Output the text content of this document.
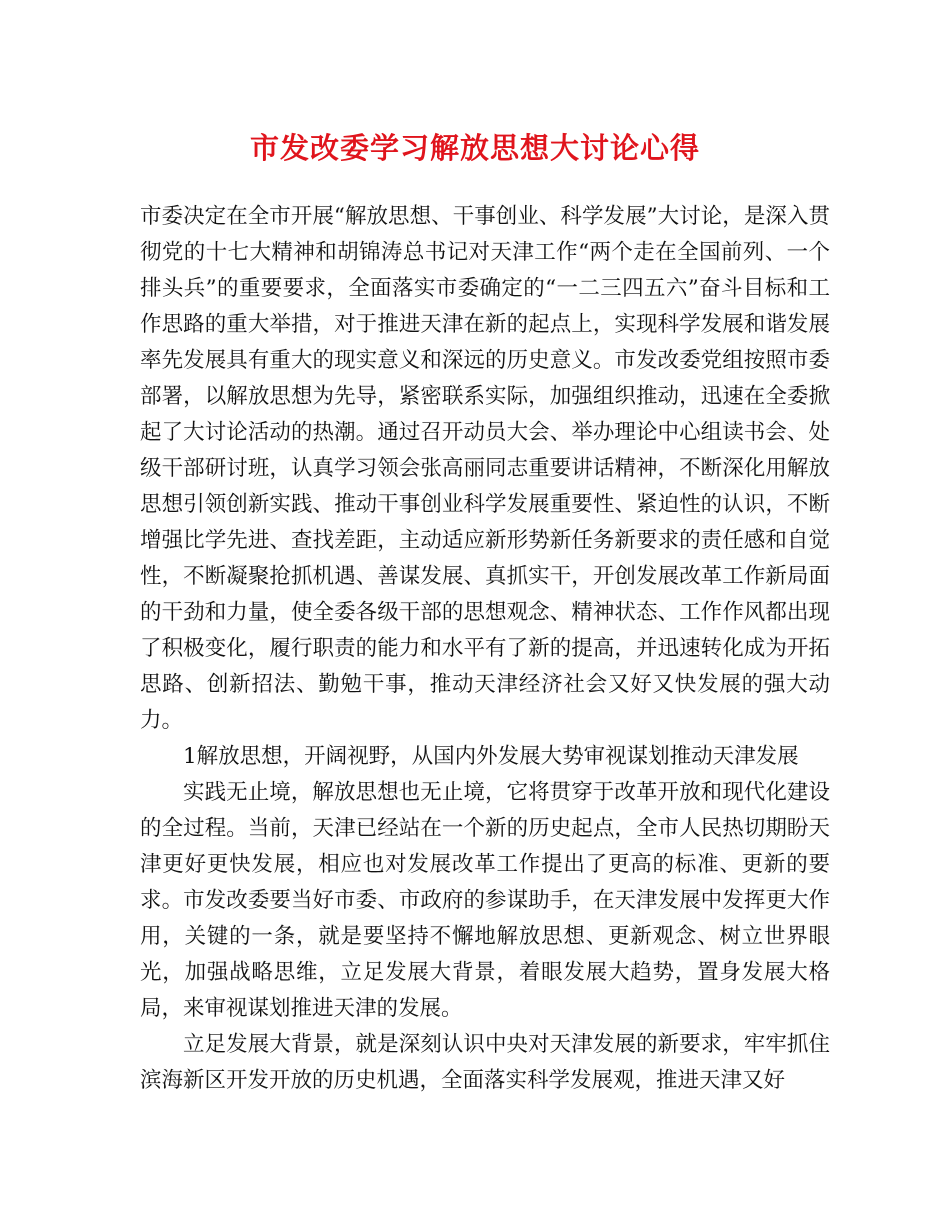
市发改委学习解放思想大讨论心得

市委决定在全市开展“解放思想、干事创业、科学发展”大讨论，是深入贯彻党的十七大精神和胡锦涛总书记对天津工作“两个走在全国前列、一个排头兵”的重要要求，全面落实市委确定的“一二三四五六”奋斗目标和工作思路的重大举措，对于推进天津在新的起点上，实现科学发展和谐发展率先发展具有重大的现实意义和深远的历史意义。市发改委党组按照市委部署，以解放思想为先导，紧密联系实际，加强组织推动，迅速在全委掀起了大讨论活动的热潮。通过召开动员大会、举办理论中心组读书会、处级干部研讨班，认真学习领会张高丽同志重要讲话精神，不断深化用解放思想引领创新实践、推动干事创业科学发展重要性、紧迫性的认识，不断增强比学先进、查找差距，主动适应新形势新任务新要求的责任感和自觉性，不断凝聚抢抓机遇、善谋发展、真抓实干，开创发展改革工作新局面的干劲和力量，使全委各级干部的思想观念、精神状态、工作作风都出现了积极变化，履行职责的能力和水平有了新的提高，并迅速转化成为开拓思路、创新招法、勤勉干事，推动天津经济社会又好又快发展的强大动力。

1解放思想，开阔视野，从国内外发展大势审视谋划推动天津发展

实践无止境，解放思想也无止境，它将贯穿于改革开放和现代化建设的全过程。当前，天津已经站在一个新的历史起点，全市人民热切期盼天津更好更快发展，相应也对发展改革工作提出了更高的标准、更新的要求。市发改委要当好市委、市政府的参谋助手，在天津发展中发挥更大作用，关键的一条，就是要坚持不懈地解放思想、更新观念、树立世界眼光，加强战略思维，立足发展大背景，着眼发展大趋势，置身发展大格局，来审视谋划推进天津的发展。

立足发展大背景，就是深刻认识中央对天津发展的新要求，牢牢抓住滨海新区开发开放的历史机遇，全面落实科学发展观，推进天津又好
